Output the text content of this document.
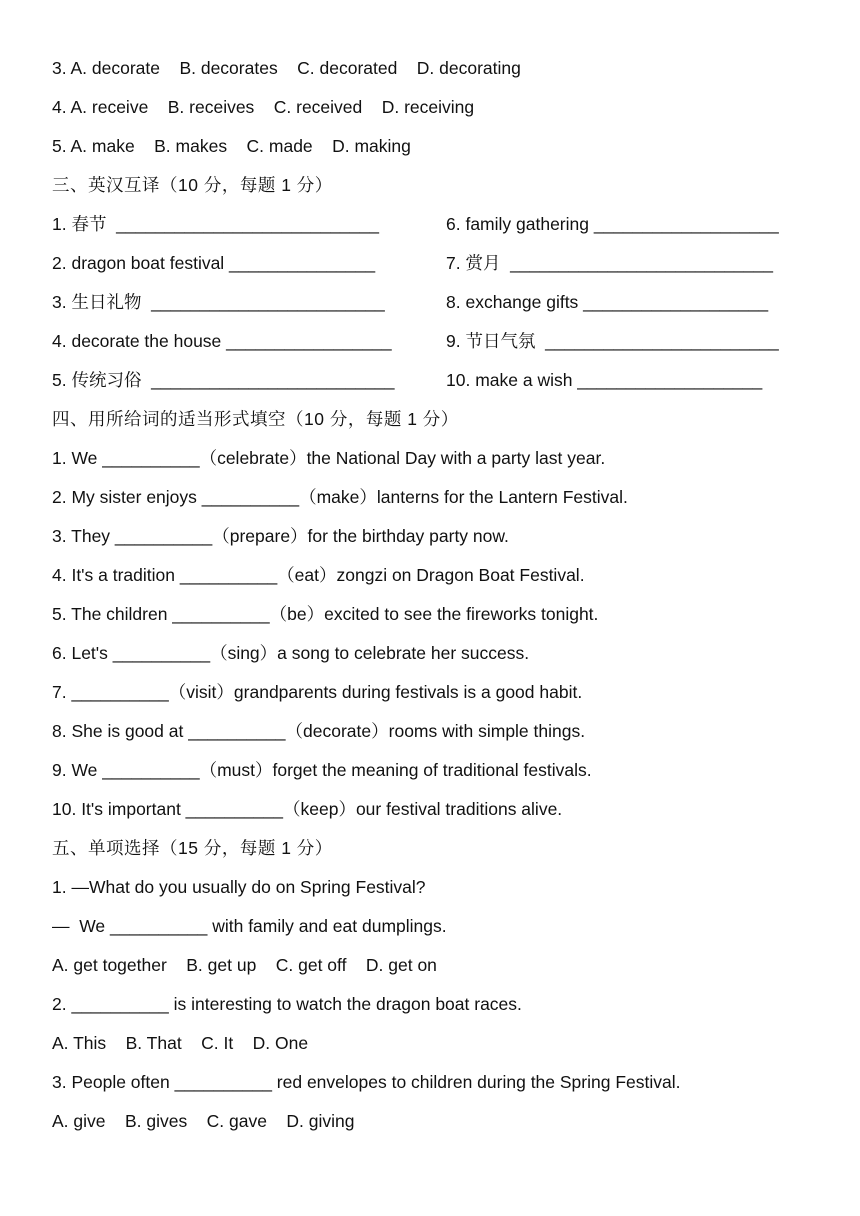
3. A. decorate    B. decorates    C. decorated    D. decorating

4. A. receive    B. receives    C. received    D. receiving

5. A. make    B. makes    C. made    D. making

三、英汉互译（10 分，每题 1 分）

1. 春节  ___________________________	6. family gathering ___________________

2. dragon boat festival _______________	7. 赏月  ___________________________

3. 生日礼物  ________________________	8. exchange gifts ___________________

4. decorate the house _________________	9. 节日气氛  ________________________

5. 传统习俗  _________________________	10. make a wish ___________________

四、用所给词的适当形式填空（10 分，每题 1 分）

1. We __________（celebrate）the National Day with a party last year.

2. My sister enjoys __________（make）lanterns for the Lantern Festival.

3. They __________（prepare）for the birthday party now.

4. It's a tradition __________（eat）zongzi on Dragon Boat Festival.

5. The children __________（be）excited to see the fireworks tonight.

6. Let's __________（sing）a song to celebrate her success.

7. __________（visit）grandparents during festivals is a good habit.

8. She is good at __________（decorate）rooms with simple things.

9. We __________（must）forget the meaning of traditional festivals.

10. It's important __________（keep）our festival traditions alive.

五、单项选择（15 分，每题 1 分）

1. —What do you usually do on Spring Festival?

—  We __________ with family and eat dumplings.

A. get together    B. get up    C. get off    D. get on

2. __________ is interesting to watch the dragon boat races.

A. This    B. That    C. It    D. One

3. People often __________ red envelopes to children during the Spring Festival.

A. give    B. gives    C. gave    D. giving
